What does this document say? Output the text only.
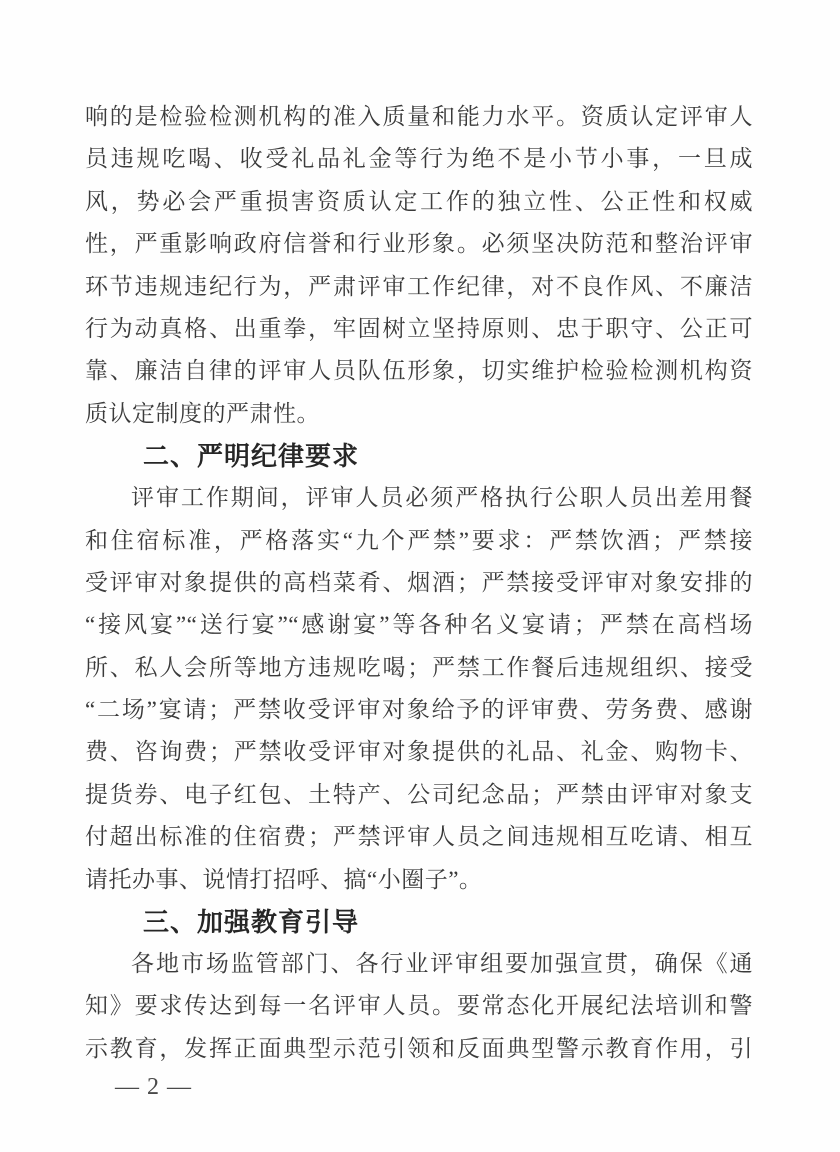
响的是检验检测机构的准入质量和能力水平。资质认定评审人
员违规吃喝、收受礼品礼金等行为绝不是小节小事，一旦成
风，势必会严重损害资质认定工作的独立性、公正性和权威
性，严重影响政府信誉和行业形象。必须坚决防范和整治评审
环节违规违纪行为，严肃评审工作纪律，对不良作风、不廉洁
行为动真格、出重拳，牢固树立坚持原则、忠于职守、公正可
靠、廉洁自律的评审人员队伍形象，切实维护检验检测机构资
质认定制度的严肃性。
二、严明纪律要求
评审工作期间，评审人员必须严格执行公职人员出差用餐
和住宿标准，严格落实“九个严禁”要求：严禁饮酒；严禁接
受评审对象提供的高档菜肴、烟酒；严禁接受评审对象安排的
“接风宴”“送行宴”“感谢宴”等各种名义宴请；严禁在高档场
所、私人会所等地方违规吃喝；严禁工作餐后违规组织、接受
“二场”宴请；严禁收受评审对象给予的评审费、劳务费、感谢
费、咨询费；严禁收受评审对象提供的礼品、礼金、购物卡、
提货券、电子红包、土特产、公司纪念品；严禁由评审对象支
付超出标准的住宿费；严禁评审人员之间违规相互吃请、相互
请托办事、说情打招呼、搞“小圈子”。
三、加强教育引导
各地市场监管部门、各行业评审组要加强宣贯，确保《通
知》要求传达到每一名评审人员。要常态化开展纪法培训和警
示教育，发挥正面典型示范引领和反面典型警示教育作用，引
— 2 —
